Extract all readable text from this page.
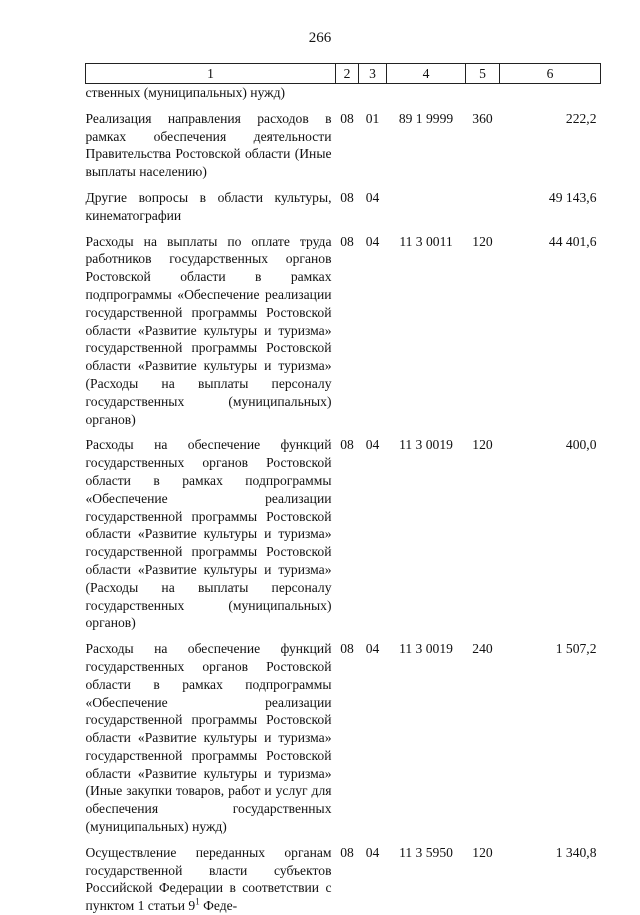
266
1	2	3	4	5	6
ственных (муниципальных) нужд)					

Реализация направления расходов в рамках обеспечения деятельности Правительства Ростовской области (Иные выплаты населению)	08	01	89 1 9999	360	222,2

Другие вопросы в области культуры, кинематографии	08	04			49 143,6

Расходы на выплаты по оплате труда работников государственных органов Ростовской области в рамках подпрограммы «Обеспечение реализации государственной программы Ростовской области «Развитие культуры и туризма» государственной программы Ростовской области «Развитие культуры и туризма» (Расходы на выплаты персоналу государственных (муниципальных) органов)	08	04	11 3 0011	120	44 401,6

Расходы на обеспечение функций государственных органов Ростовской области в рамках подпрограммы «Обеспечение реализации государственной программы Ростовской области «Развитие культуры и туризма» государственной программы Ростовской области «Развитие культуры и туризма» (Расходы на выплаты персоналу государственных (муниципальных) органов)	08	04	11 3 0019	120	400,0

Расходы на обеспечение функций государственных органов Ростовской области в рамках подпрограммы «Обеспечение реализации государственной программы Ростовской области «Развитие культуры и туризма» государственной программы Ростовской области «Развитие культуры и туризма» (Иные закупки товаров, работ и услуг для обеспечения государственных (муниципальных) нужд)	08	04	11 3 0019	240	1 507,2

Осуществление переданных органам государственной власти субъектов Российской Федерации в соответствии с пунктом 1 статьи $9^1$ Феде-	08	04	11 3 5950	120	1 340,8
